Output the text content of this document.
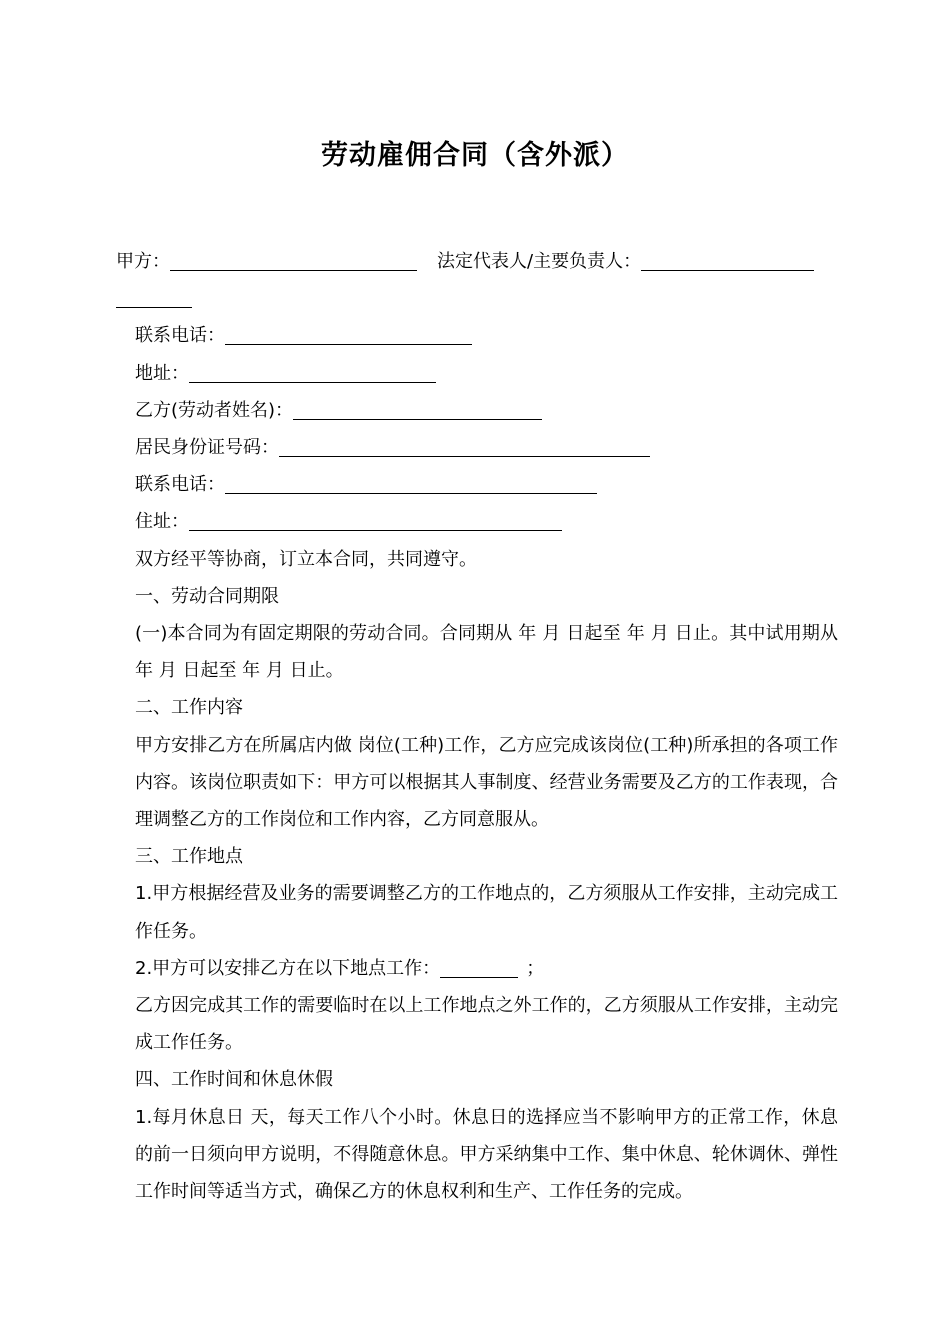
劳动雇佣合同（含外派）

甲方：	法定代表人/主要负责人：

联系电话：

地址：

乙方(劳动者姓名)：

居民身份证号码：

联系电话：

住址：

双方经平等协商，订立本合同，共同遵守。

一、劳动合同期限

(一)本合同为有固定期限的劳动合同。合同期从 年 月 日起至 年 月 日止。其中试用期从 年 月 日起至 年 月 日止。

二、工作内容

甲方安排乙方在所属店内做 岗位(工种)工作，乙方应完成该岗位(工种)所承担的各项工作内容。该岗位职责如下：甲方可以根据其人事制度、经营业务需要及乙方的工作表现，合理调整乙方的工作岗位和工作内容，乙方同意服从。

三、工作地点

1.甲方根据经营及业务的需要调整乙方的工作地点的，乙方须服从工作安排，主动完成工作任务。

2.甲方可以安排乙方在以下地点工作：	；

乙方因完成其工作的需要临时在以上工作地点之外工作的，乙方须服从工作安排，主动完成工作任务。

四、工作时间和休息休假

1.每月休息日 天，每天工作八个小时。休息日的选择应当不影响甲方的正常工作，休息的前一日须向甲方说明，不得随意休息。甲方采纳集中工作、集中休息、轮休调休、弹性工作时间等适当方式，确保乙方的休息权利和生产、工作任务的完成。
